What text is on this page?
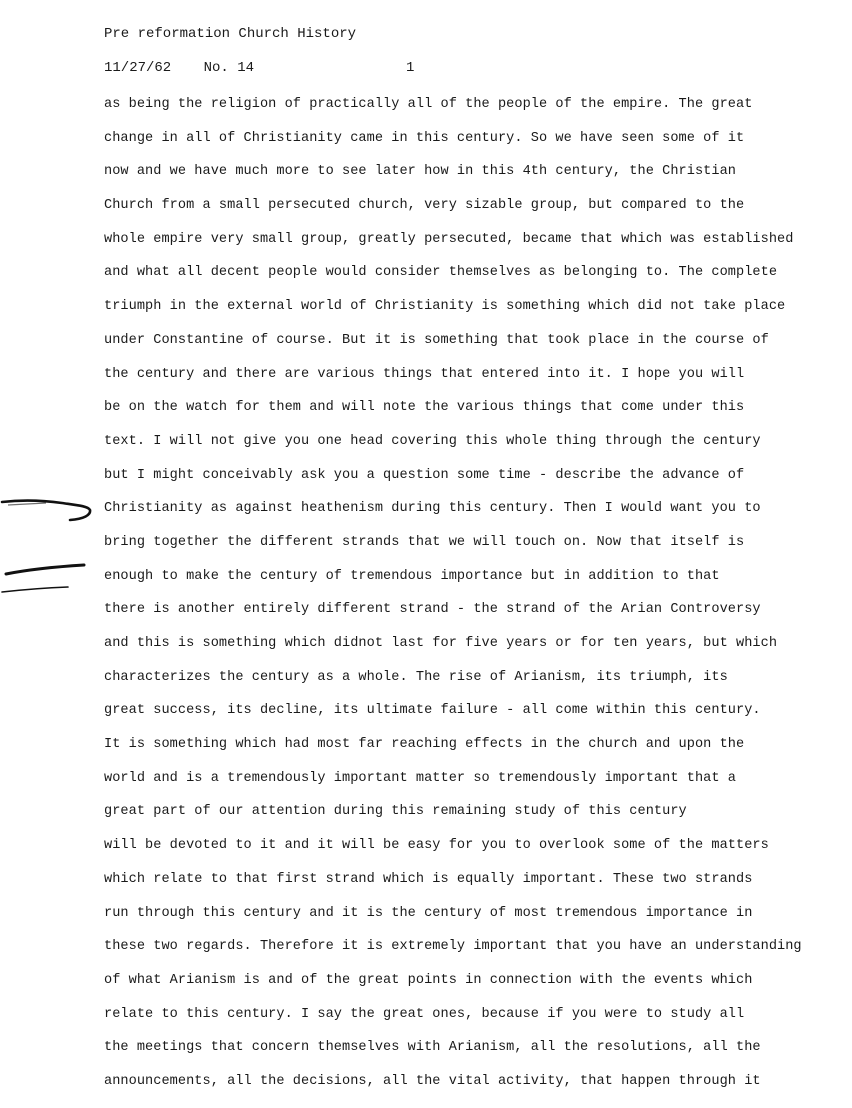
Pre reformation Church History
11/27/62 No. 14	1
as being the religion of practically all of the people of the empire. The great
change in all of Christianity came in this century. So we have seen some of it
now and we have much more to see later how in this 4th century, the Christian
Church from a small persecuted church, very sizable group, but compared to the
whole empire very small group, greatly persecuted, became that which was established
and what all decent people would consider themselves as belonging to. The complete
triumph in the external world of Christianity is something which did not take place
under Constantine of course. But it is something that took place in the course of
the century and there are various things that entered into it. I hope you will
be on the watch for them and will note the various things that come under this
text. I will not give you one head covering this whole thing through the century
but I might conceivably ask you a question some time - describe the advance of
Christianity as against heathenism during this century. Then I would want you to
bring together the different strands that we will touch on. Now that itself is
enough to make the century of tremendous importance but in addition to that
there is another entirely different strand - the strand of the Arian Controversy
and this is something which didnot last for five years or for ten years, but which
characterizes the century as a whole. The rise of Arianism, its triumph, its
great success, its decline, its ultimate failure - all come within this century.
It is something which had most far reaching effects in the church and upon the
world and is a tremendously important matter so tremendously important that a
great part of our attention during this remaining study of this century
will be devoted to it and it will be easy for you to overlook some of the matters
which relate to that first strand which is equally important. These two strands
run through this century and it is the century of most tremendous importance in
these two regards. Therefore it is extremely important that you have an understanding
of what Arianism is and of the great points in connection with the events which
relate to this century. I say the great ones, because if you were to study all
the meetings that concern themselves with Arianism, all the resolutions, all the
announcements, all the decisions, all the vital activity, that happen through it
